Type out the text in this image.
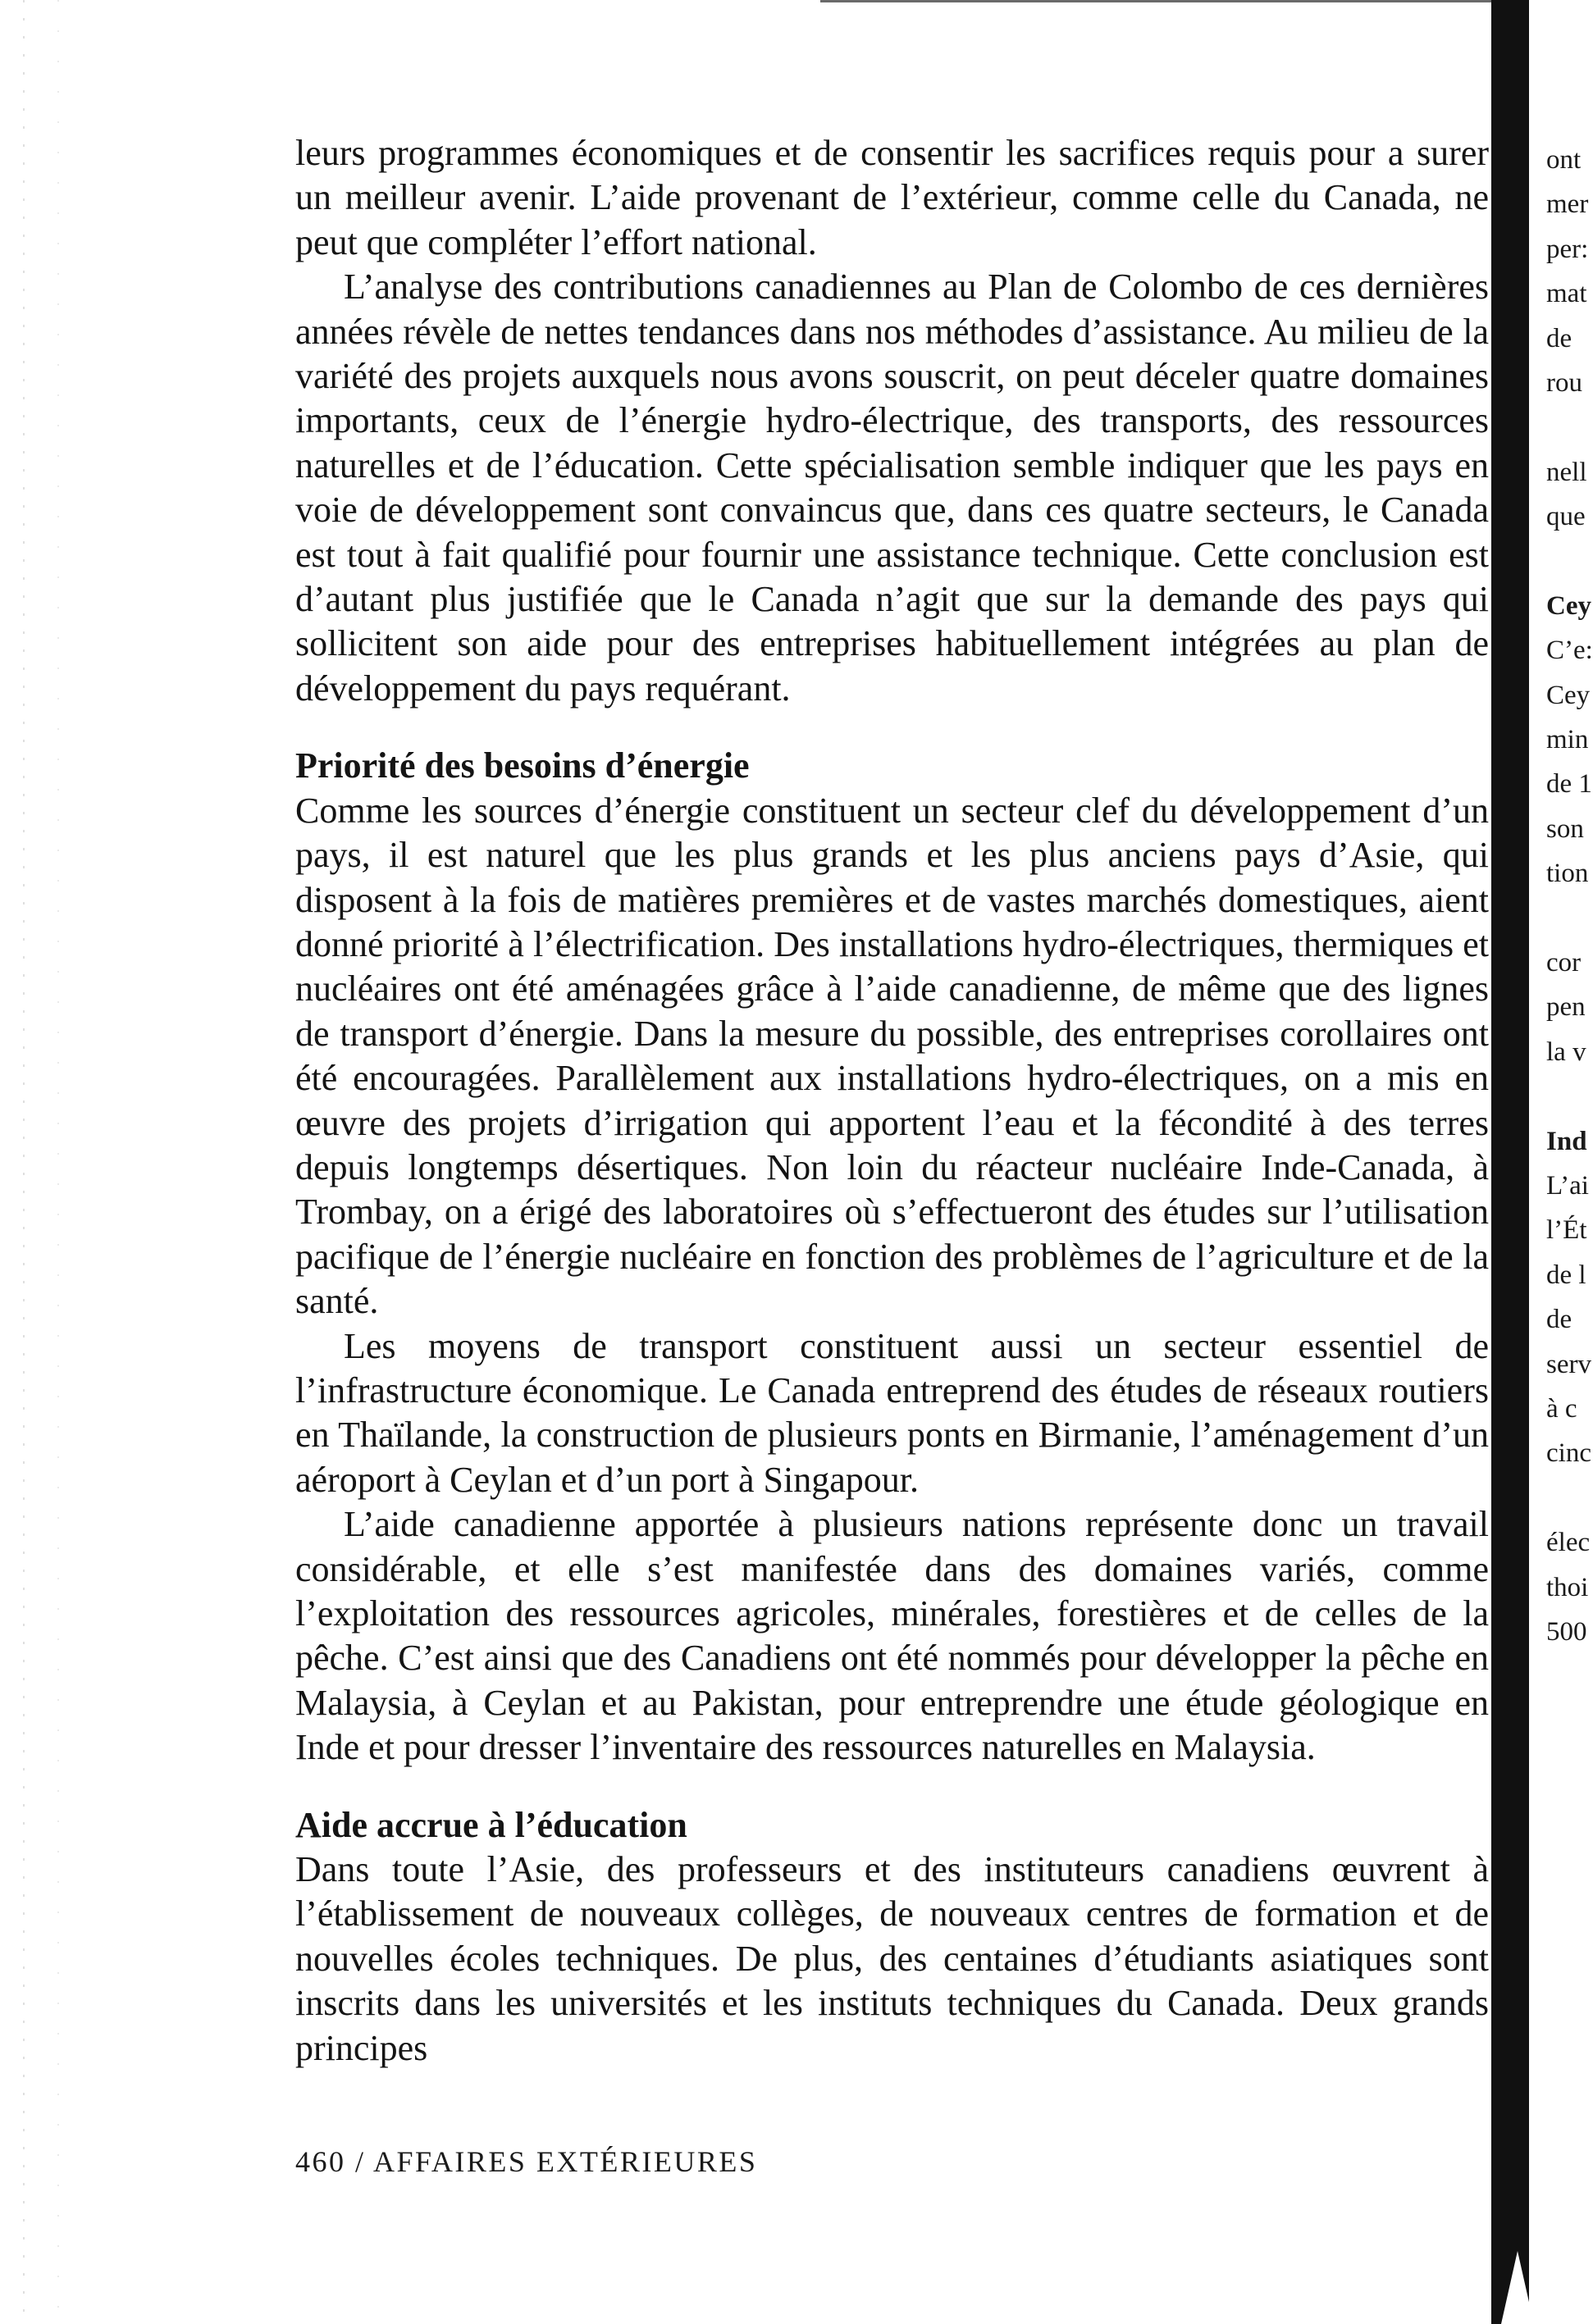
leurs programmes économiques et de consentir les sacrifices requis pour a surer un meilleur avenir. L’aide provenant de l’extérieur, comme celle du Canada, ne peut que compléter l’effort national.

L’analyse des contributions canadiennes au Plan de Colombo de ces dernières années révèle de nettes tendances dans nos méthodes d’assistance. Au milieu de la variété des projets auxquels nous avons souscrit, on peut déceler quatre domaines importants, ceux de l’énergie hydro-électrique, des transports, des ressources naturelles et de l’éducation. Cette spécialisation semble indiquer que les pays en voie de développement sont convaincus que, dans ces quatre secteurs, le Canada est tout à fait qualifié pour fournir une assistance technique. Cette conclusion est d’autant plus justifiée que le Canada n’agit que sur la demande des pays qui sollicitent son aide pour des entreprises habituellement intégrées au plan de développement du pays requérant.

Priorité des besoins d’énergie

Comme les sources d’énergie constituent un secteur clef du développement d’un pays, il est naturel que les plus grands et les plus anciens pays d’Asie, qui disposent à la fois de matières premières et de vastes marchés domestiques, aient donné priorité à l’électrification. Des installations hydro-électriques, thermiques et nucléaires ont été aménagées grâce à l’aide canadienne, de même que des lignes de transport d’énergie. Dans la mesure du possible, des entreprises corollaires ont été encouragées. Parallèlement aux installations hydro-électriques, on a mis en œuvre des projets d’irrigation qui apportent l’eau et la fécondité à des terres depuis longtemps désertiques. Non loin du réacteur nucléaire Inde-Canada, à Trombay, on a érigé des laboratoires où s’effectueront des études sur l’utilisation pacifique de l’énergie nucléaire en fonction des problèmes de l’agriculture et de la santé.

Les moyens de transport constituent aussi un secteur essentiel de l’infrastructure économique. Le Canada entreprend des études de réseaux routiers en Thaïlande, la construction de plusieurs ponts en Birmanie, l’aménagement d’un aéroport à Ceylan et d’un port à Singapour.

L’aide canadienne apportée à plusieurs nations représente donc un travail considérable, et elle s’est manifestée dans des domaines variés, comme l’exploitation des ressources agricoles, minérales, forestières et de celles de la pêche. C’est ainsi que des Canadiens ont été nommés pour développer la pêche en Malaysia, à Ceylan et au Pakistan, pour entreprendre une étude géologique en Inde et pour dresser l’inventaire des ressources naturelles en Malaysia.

Aide accrue à l’éducation

Dans toute l’Asie, des professeurs et des instituteurs canadiens œuvrent à l’établissement de nouveaux collèges, de nouveaux centres de formation et de nouvelles écoles techniques. De plus, des centaines d’étudiants asiatiques sont inscrits dans les universités et les instituts techniques du Canada. Deux grands principes

460 / AFFAIRES EXTÉRIEURES
ont
mer
per:
mat
de
rou
nell
que
Cey
C’e:
Cey
min
de 1
son
tion
cor
pen
la v
Ind
L’ai
l’Ét
de l
de
serv
à c
cinc
élec
thoi
500
